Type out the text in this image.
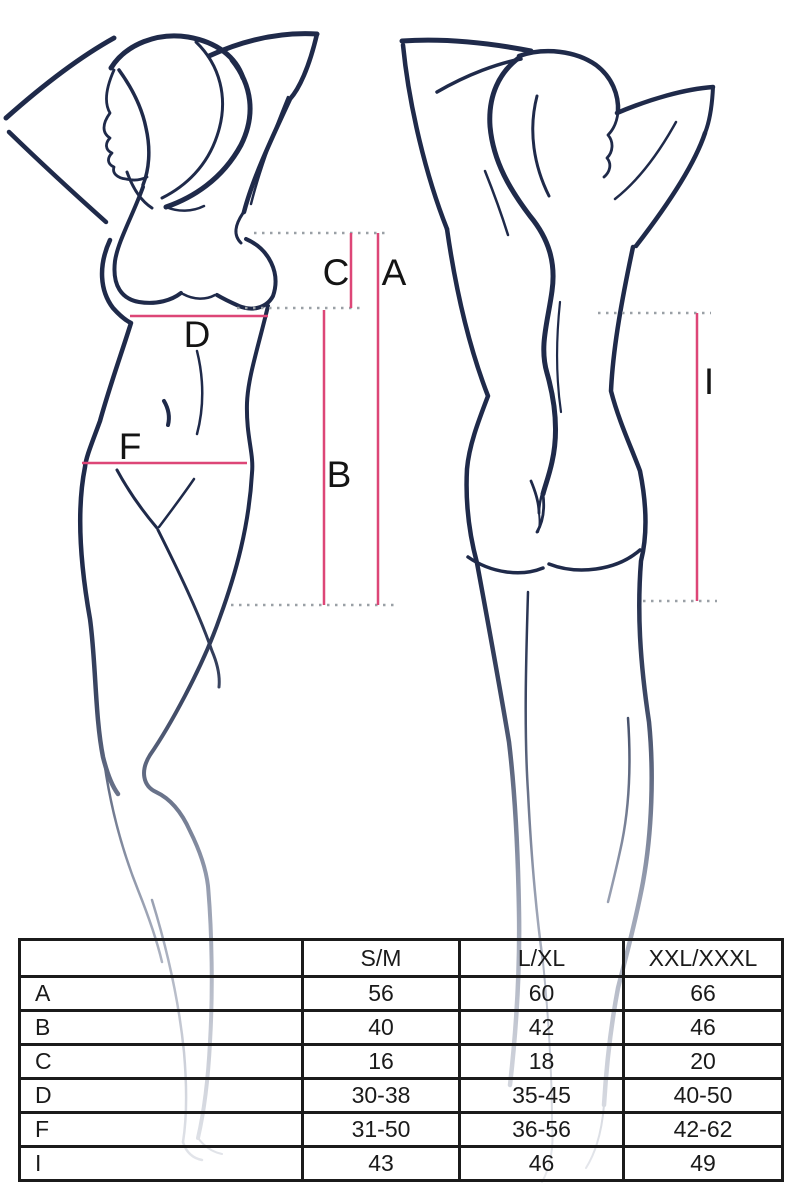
C A
D
B
F
I
	S/M	L/XL	XXL/XXXL
A	56	60	66
B	40	42	46
C	16	18	20
D	30-38	35-45	40-50
F	31-50	36-56	42-62
I	43	46	49
